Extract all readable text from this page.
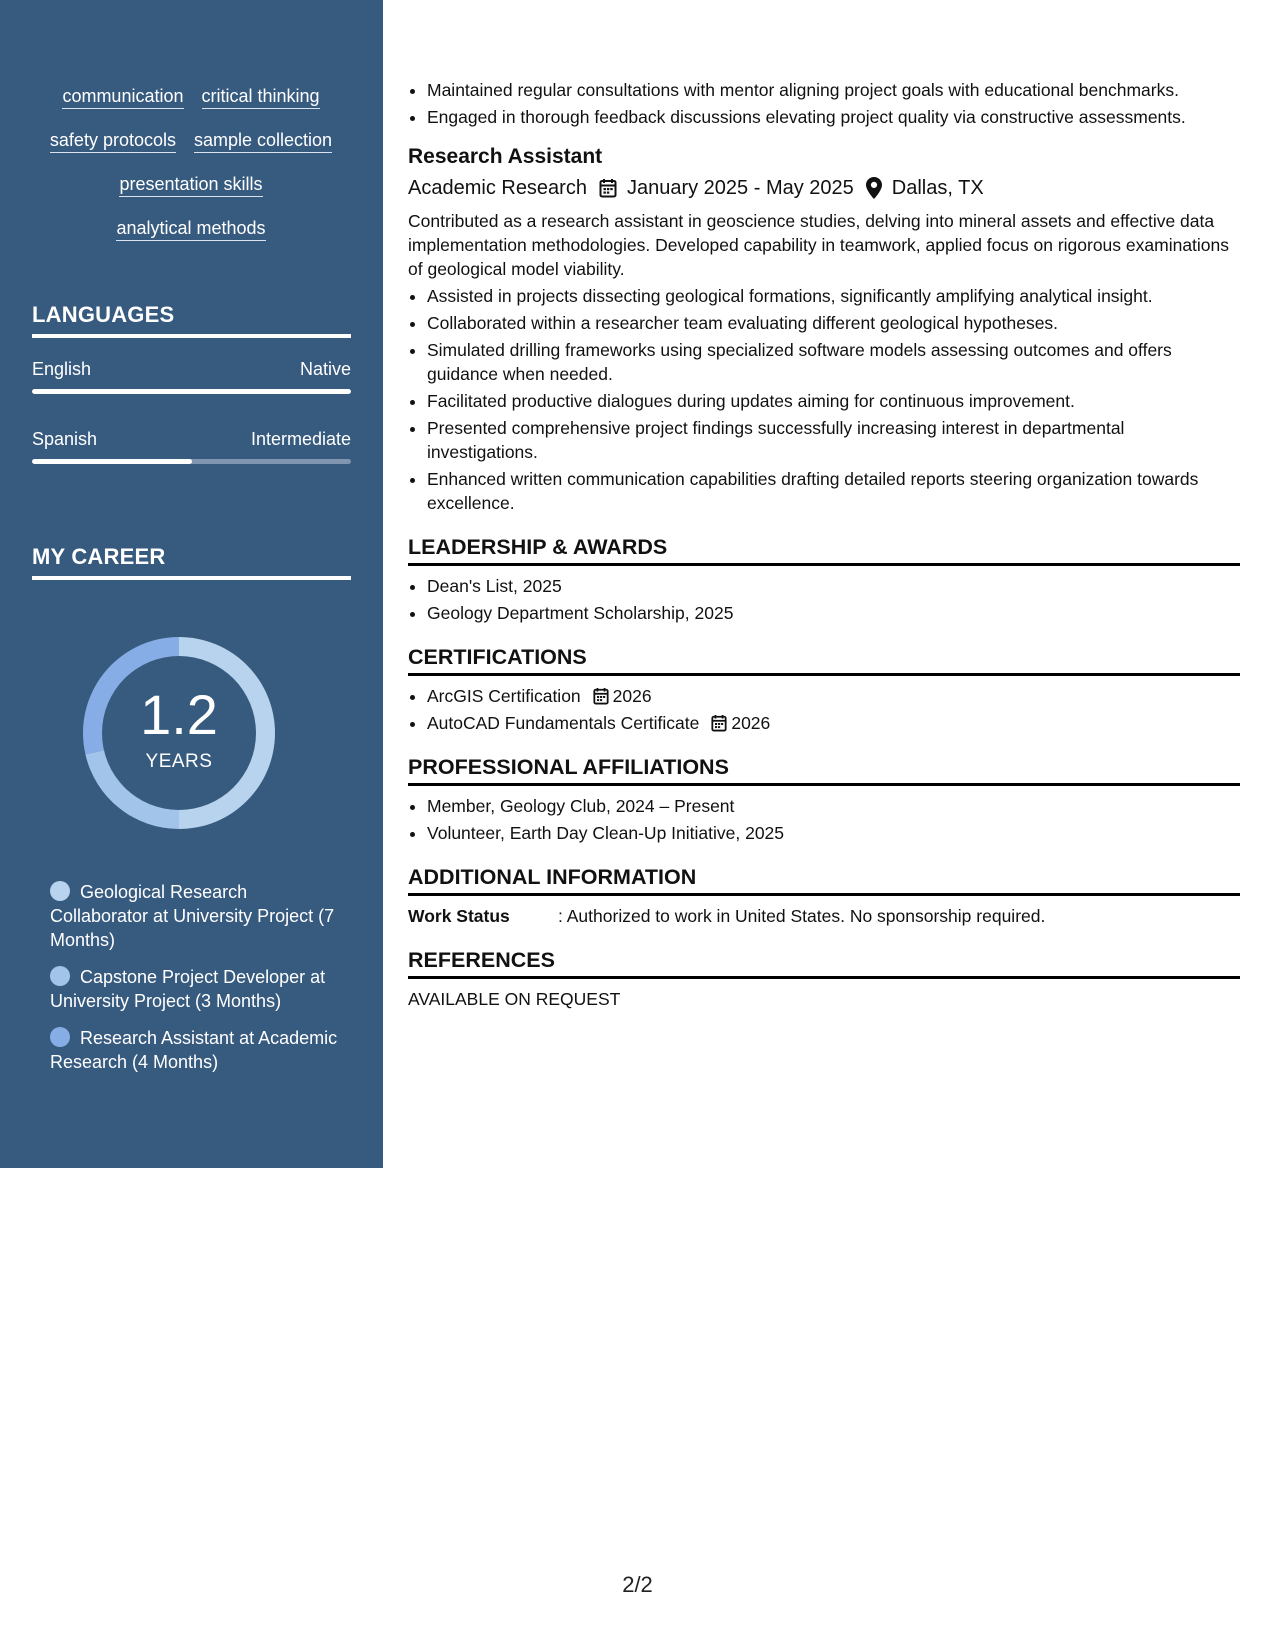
communication critical thinking
safety protocols sample collection
presentation skills
analytical methods
LANGUAGES
English	Native
Spanish	Intermediate
MY CAREER
1.2
YEARS
Geological Research Collaborator at University Project (7 Months)
Capstone Project Developer at University Project (3 Months)
Research Assistant at Academic Research (4 Months)
• Maintained regular consultations with mentor aligning project goals with educational benchmarks.
• Engaged in thorough feedback discussions elevating project quality via constructive assessments.
Research Assistant
Academic Research January 2025 - May 2025 Dallas, TX
Contributed as a research assistant in geoscience studies, delving into mineral assets and effective data implementation methodologies. Developed capability in teamwork, applied focus on rigorous examinations of geological model viability.
• Assisted in projects dissecting geological formations, significantly amplifying analytical insight.
• Collaborated within a researcher team evaluating different geological hypotheses.
• Simulated drilling frameworks using specialized software models assessing outcomes and offers guidance when needed.
• Facilitated productive dialogues during updates aiming for continuous improvement.
• Presented comprehensive project findings successfully increasing interest in departmental investigations.
• Enhanced written communication capabilities drafting detailed reports steering organization towards excellence.
LEADERSHIP & AWARDS
• Dean's List, 2025
• Geology Department Scholarship, 2025
CERTIFICATIONS
• ArcGIS Certification 2026
• AutoCAD Fundamentals Certificate 2026
PROFESSIONAL AFFILIATIONS
• Member, Geology Club, 2024 – Present
• Volunteer, Earth Day Clean-Up Initiative, 2025
ADDITIONAL INFORMATION
Work Status	: Authorized to work in United States. No sponsorship required.
REFERENCES
AVAILABLE ON REQUEST
2/2
